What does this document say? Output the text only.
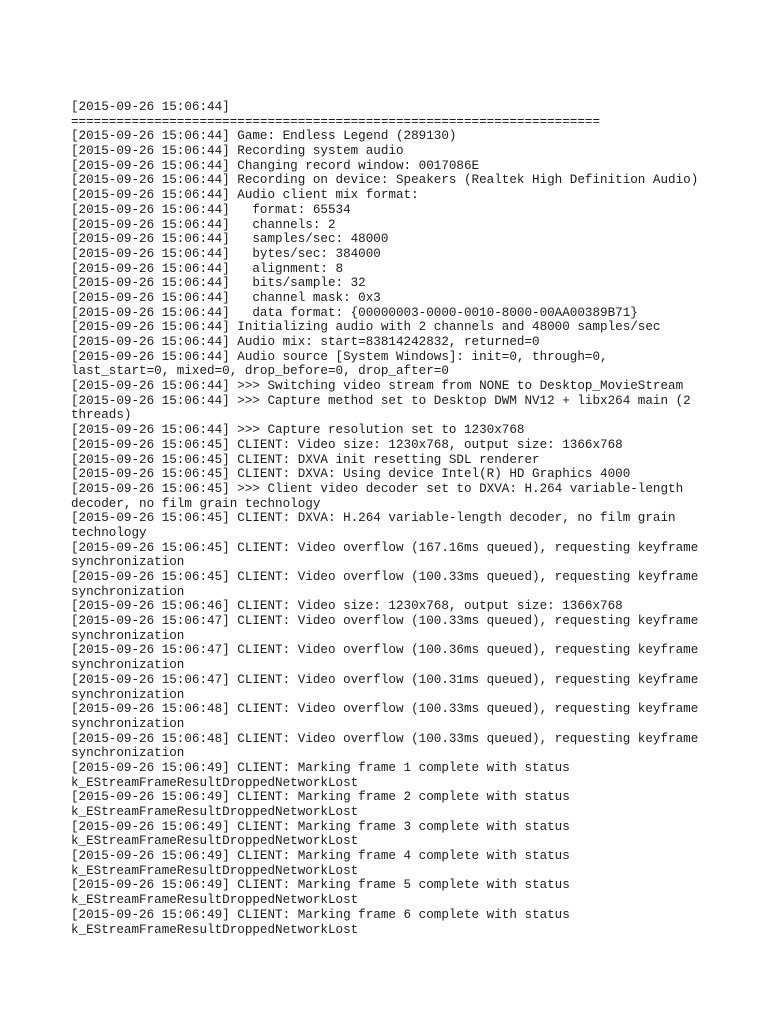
[2015-09-26 15:06:44]
======================================================================
[2015-09-26 15:06:44] Game: Endless Legend (289130)
[2015-09-26 15:06:44] Recording system audio
[2015-09-26 15:06:44] Changing record window: 0017086E
[2015-09-26 15:06:44] Recording on device: Speakers (Realtek High Definition Audio)
[2015-09-26 15:06:44] Audio client mix format:
[2015-09-26 15:06:44]   format: 65534
[2015-09-26 15:06:44]   channels: 2
[2015-09-26 15:06:44]   samples/sec: 48000
[2015-09-26 15:06:44]   bytes/sec: 384000
[2015-09-26 15:06:44]   alignment: 8
[2015-09-26 15:06:44]   bits/sample: 32
[2015-09-26 15:06:44]   channel mask: 0x3
[2015-09-26 15:06:44]   data format: {00000003-0000-0010-8000-00AA00389B71}
[2015-09-26 15:06:44] Initializing audio with 2 channels and 48000 samples/sec
[2015-09-26 15:06:44] Audio mix: start=83814242832, returned=0
[2015-09-26 15:06:44] Audio source [System Windows]: init=0, through=0,
last_start=0, mixed=0, drop_before=0, drop_after=0
[2015-09-26 15:06:44] >>> Switching video stream from NONE to Desktop_MovieStream
[2015-09-26 15:06:44] >>> Capture method set to Desktop DWM NV12 + libx264 main (2
threads)
[2015-09-26 15:06:44] >>> Capture resolution set to 1230x768
[2015-09-26 15:06:45] CLIENT: Video size: 1230x768, output size: 1366x768
[2015-09-26 15:06:45] CLIENT: DXVA init resetting SDL renderer
[2015-09-26 15:06:45] CLIENT: DXVA: Using device Intel(R) HD Graphics 4000
[2015-09-26 15:06:45] >>> Client video decoder set to DXVA: H.264 variable-length
decoder, no film grain technology
[2015-09-26 15:06:45] CLIENT: DXVA: H.264 variable-length decoder, no film grain
technology
[2015-09-26 15:06:45] CLIENT: Video overflow (167.16ms queued), requesting keyframe
synchronization
[2015-09-26 15:06:45] CLIENT: Video overflow (100.33ms queued), requesting keyframe
synchronization
[2015-09-26 15:06:46] CLIENT: Video size: 1230x768, output size: 1366x768
[2015-09-26 15:06:47] CLIENT: Video overflow (100.33ms queued), requesting keyframe
synchronization
[2015-09-26 15:06:47] CLIENT: Video overflow (100.36ms queued), requesting keyframe
synchronization
[2015-09-26 15:06:47] CLIENT: Video overflow (100.31ms queued), requesting keyframe
synchronization
[2015-09-26 15:06:48] CLIENT: Video overflow (100.33ms queued), requesting keyframe
synchronization
[2015-09-26 15:06:48] CLIENT: Video overflow (100.33ms queued), requesting keyframe
synchronization
[2015-09-26 15:06:49] CLIENT: Marking frame 1 complete with status
k_EStreamFrameResultDroppedNetworkLost
[2015-09-26 15:06:49] CLIENT: Marking frame 2 complete with status
k_EStreamFrameResultDroppedNetworkLost
[2015-09-26 15:06:49] CLIENT: Marking frame 3 complete with status
k_EStreamFrameResultDroppedNetworkLost
[2015-09-26 15:06:49] CLIENT: Marking frame 4 complete with status
k_EStreamFrameResultDroppedNetworkLost
[2015-09-26 15:06:49] CLIENT: Marking frame 5 complete with status
k_EStreamFrameResultDroppedNetworkLost
[2015-09-26 15:06:49] CLIENT: Marking frame 6 complete with status
k_EStreamFrameResultDroppedNetworkLost
